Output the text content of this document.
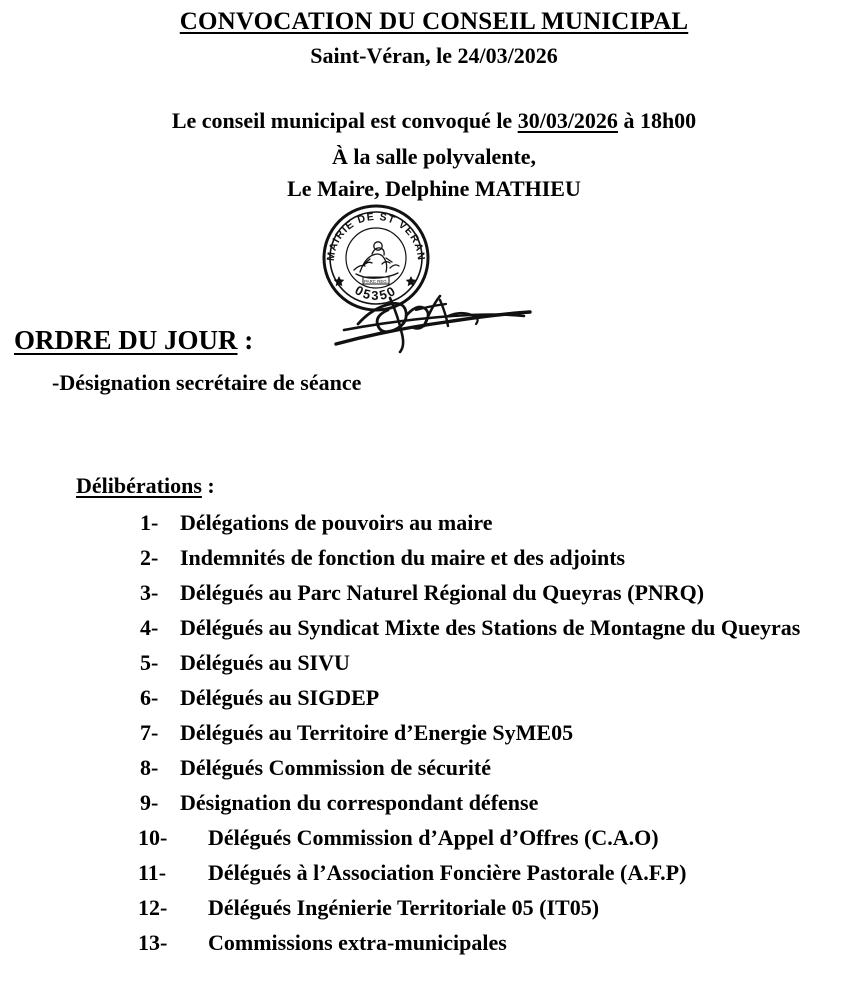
CONVOCATION DU CONSEIL MUNICIPAL
Saint-Véran, le 24/03/2026
Le conseil municipal est convoqué le 30/03/2026 à 18h00
À la salle polyvalente,
Le Maire, Delphine MATHIEU
MAIRIE DE ST VERAN
05350
PARC REG.
ORDRE DU JOUR :
-Désignation secrétaire de séance
Délibérations :
1- Délégations de pouvoirs au maire
2- Indemnités de fonction du maire et des adjoints
3- Délégués au Parc Naturel Régional du Queyras (PNRQ)
4- Délégués au Syndicat Mixte des Stations de Montagne du Queyras
5- Délégués au SIVU
6- Délégués au SIGDEP
7- Délégués au Territoire d’Energie SyME05
8- Délégués Commission de sécurité
9- Désignation du correspondant défense
10-	Délégués Commission d’Appel d’Offres (C.A.O)
11-	Délégués à l’Association Foncière Pastorale (A.F.P)
12-	Délégués Ingénierie Territoriale 05 (IT05)
13-	Commissions extra-municipales
